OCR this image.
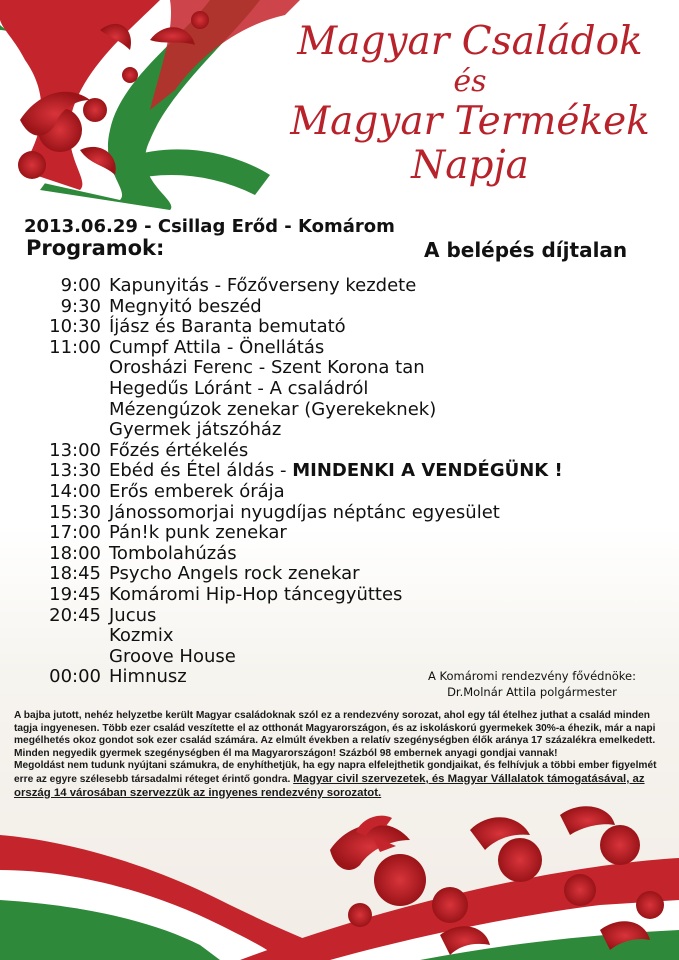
Magyar Családok
és
Magyar Termékek
Napja
2013.06.29 - Csillag Erőd - Komárom
Programok:	A belépés díjtalan
9:00 Kapunyitás - Főzőverseny kezdete
9:30 Megnyitó beszéd
10:30 Íjász és Baranta bemutató
11:00 Cumpf Attila - Önellátás
Orosházi Ferenc - Szent Korona tan
Hegedűs Lóránt - A családról
Mézengúzok zenekar (Gyerekeknek)
Gyermek játszóház
13:00 Főzés értékelés
13:30 Ebéd és Étel áldás - MINDENKI A VENDÉGÜNK !
14:00 Erős emberek órája
15:30 Jánossomorjai nyugdíjas néptánc egyesület
17:00 Pán!k punk zenekar
18:00 Tombolahúzás
18:45 Psycho Angels rock zenekar
19:45 Komáromi Hip-Hop táncegyüttes
20:45 Jucus
Kozmix
Groove House
00:00 Himnusz	A Komáromi rendezvény fővédnöke:
Dr.Molnár Attila polgármester
A bajba jutott, nehéz helyzetbe került Magyar családoknak szól ez a rendezvény sorozat, ahol egy tál ételhez juthat a család minden tagja ingyenesen. Több ezer család veszítette el az otthonát Magyarországon, és az iskoláskorú gyermekek 30%-a éhezik, már a napi megélhetés okoz gondot sok ezer család számára. Az elmúlt években a relatív szegénységben élők aránya 17 százalékra emelkedett.
Minden negyedik gyermek szegénységben él ma Magyarországon! Százból 98 embernek anyagi gondjai vannak!
Megoldást nem tudunk nyújtani számukra, de enyhíthetjük, ha egy napra elfelejthetik gondjaikat, és felhívjuk a többi ember figyelmét erre az egyre szélesebb társadalmi réteget érintő gondra. Magyar civil szervezetek, és Magyar Vállalatok támogatásával, az ország 14 városában szervezzük az ingyenes rendezvény sorozatot.
